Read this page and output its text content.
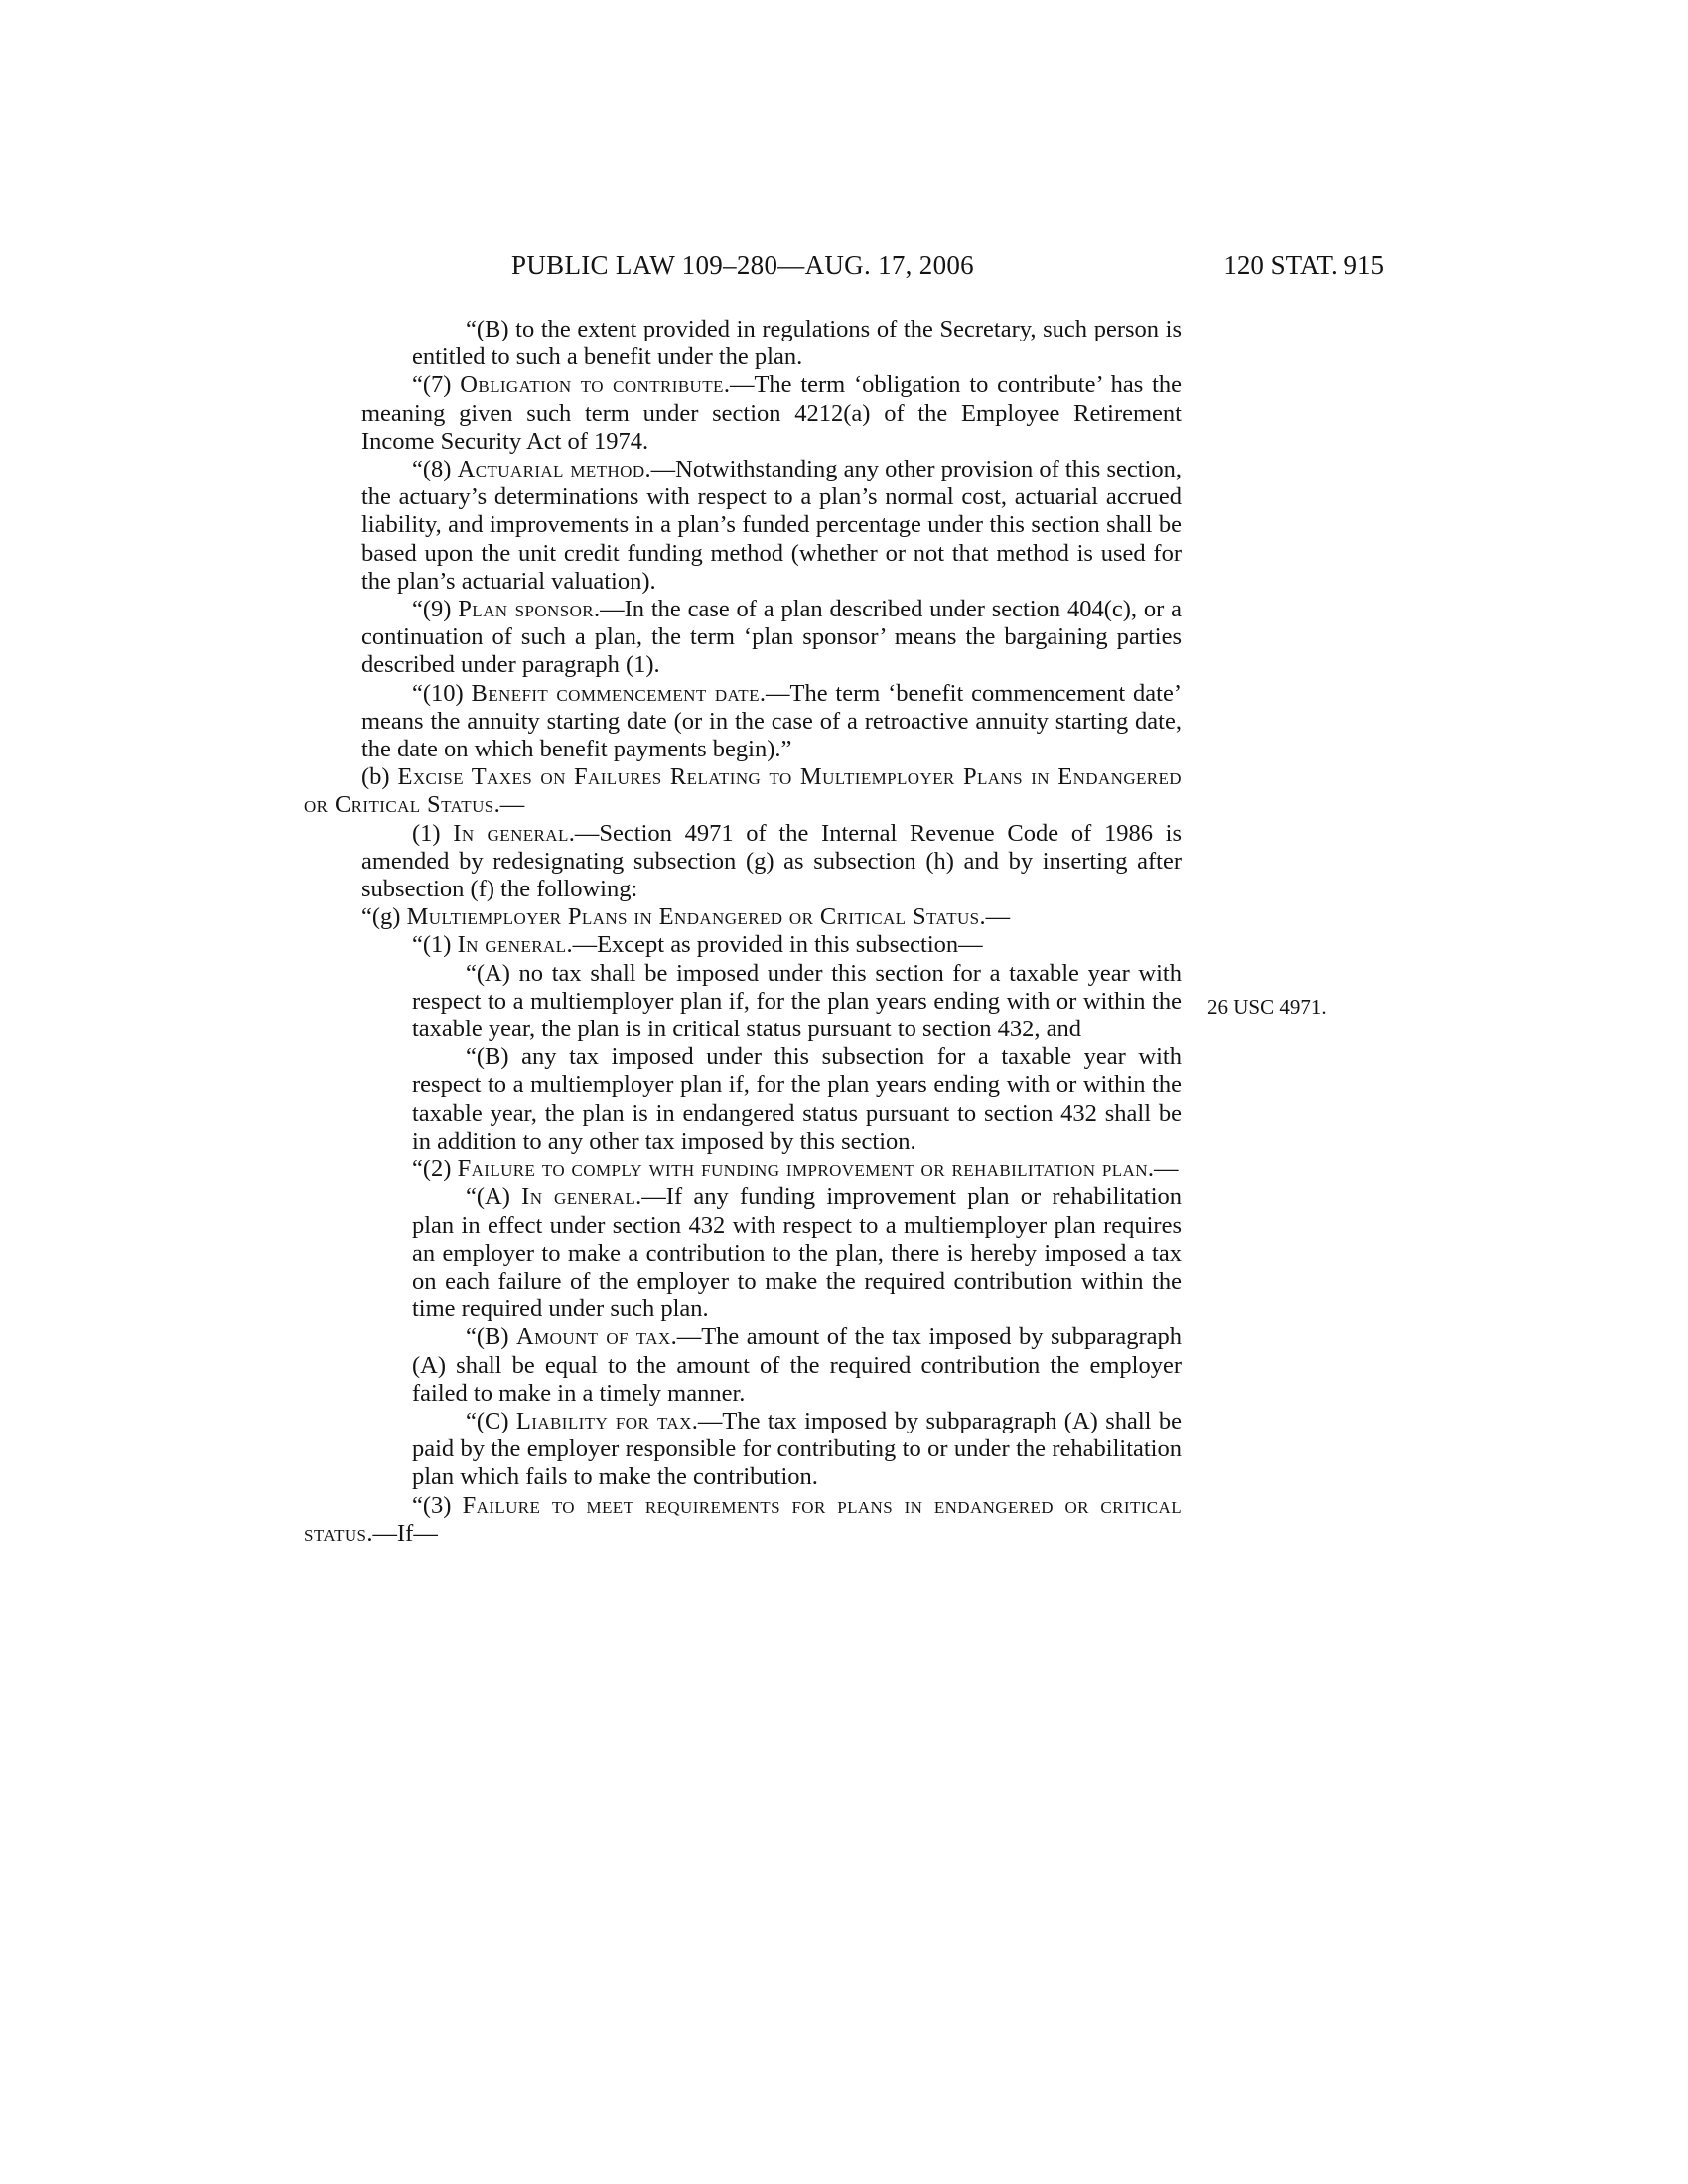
PUBLIC LAW 109–280—AUG. 17, 2006	120 STAT. 915

“(B) to the extent provided in regulations of the Secretary, such person is entitled to such a benefit under the plan.

“(7) Obligation to contribute.—The term ‘obligation to contribute’ has the meaning given such term under section 4212(a) of the Employee Retirement Income Security Act of 1974.

“(8) Actuarial method.—Notwithstanding any other provision of this section, the actuary’s determinations with respect to a plan’s normal cost, actuarial accrued liability, and improvements in a plan’s funded percentage under this section shall be based upon the unit credit funding method (whether or not that method is used for the plan’s actuarial valuation).

“(9) Plan sponsor.—In the case of a plan described under section 404(c), or a continuation of such a plan, the term ‘plan sponsor’ means the bargaining parties described under paragraph (1).

“(10) Benefit commencement date.—The term ‘benefit commencement date’ means the annuity starting date (or in the case of a retroactive annuity starting date, the date on which benefit payments begin).”

(b) Excise Taxes on Failures Relating to Multiemployer Plans in Endangered or Critical Status.—

(1) In general.—Section 4971 of the Internal Revenue Code of 1986 is amended by redesignating subsection (g) as subsection (h) and by inserting after subsection (f) the following:

“(g) Multiemployer Plans in Endangered or Critical Status.—

“(1) In general.—Except as provided in this subsection—

“(A) no tax shall be imposed under this section for a taxable year with respect to a multiemployer plan if, for the plan years ending with or within the taxable year, the plan is in critical status pursuant to section 432, and

“(B) any tax imposed under this subsection for a taxable year with respect to a multiemployer plan if, for the plan years ending with or within the taxable year, the plan is in endangered status pursuant to section 432 shall be in addition to any other tax imposed by this section.

“(2) Failure to comply with funding improvement or rehabilitation plan.—

“(A) In general.—If any funding improvement plan or rehabilitation plan in effect under section 432 with respect to a multiemployer plan requires an employer to make a contribution to the plan, there is hereby imposed a tax on each failure of the employer to make the required contribution within the time required under such plan.

“(B) Amount of tax.—The amount of the tax imposed by subparagraph (A) shall be equal to the amount of the required contribution the employer failed to make in a timely manner.

“(C) Liability for tax.—The tax imposed by subparagraph (A) shall be paid by the employer responsible for contributing to or under the rehabilitation plan which fails to make the contribution.

“(3) Failure to meet requirements for plans in endangered or critical status.—If—

26 USC 4971.
